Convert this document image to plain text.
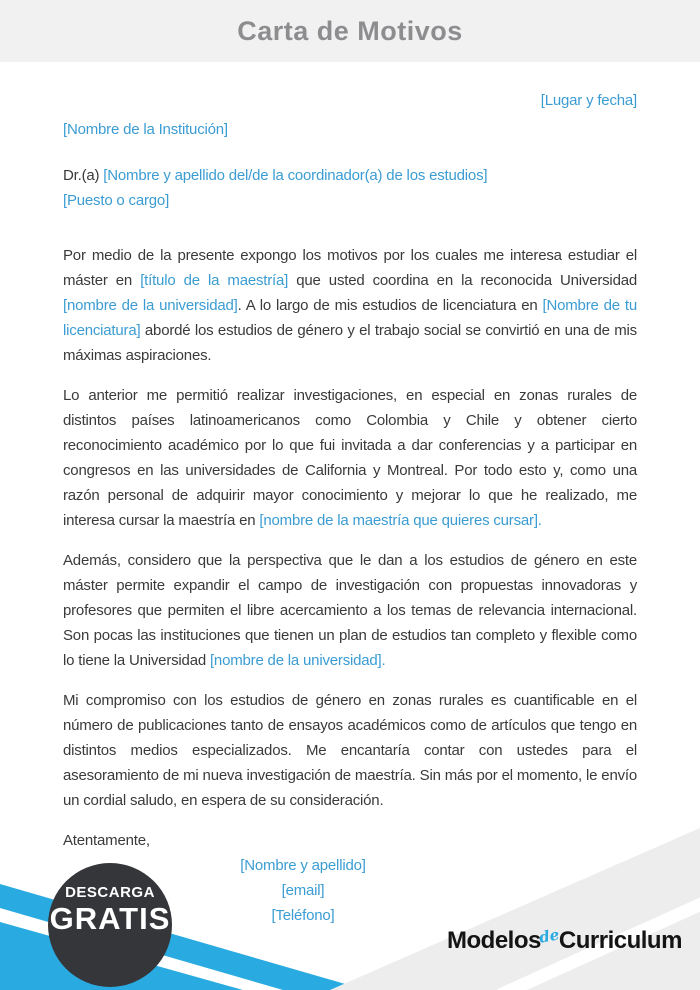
Carta de Motivos
[Lugar y fecha]
[Nombre de la Institución]
Dr.(a) [Nombre y apellido del/de la coordinador(a) de los estudios]
[Puesto o cargo]

Por medio de la presente expongo los motivos por los cuales me interesa estudiar el máster en [título de la maestría] que usted coordina en la reconocida Universidad [nombre de la universidad]. A lo largo de mis estudios de licenciatura en [Nombre de tu licenciatura] abordé los estudios de género y el trabajo social se convirtió en una de mis máximas aspiraciones.

Lo anterior me permitió realizar investigaciones, en especial en zonas rurales de distintos países latinoamericanos como Colombia y Chile y obtener cierto reconocimiento académico por lo que fui invitada a dar conferencias y a participar en congresos en las universidades de California y Montreal. Por todo esto y, como una razón personal de adquirir mayor conocimiento y mejorar lo que he realizado, me interesa cursar la maestría en [nombre de la maestría que quieres cursar].

Además, considero que la perspectiva que le dan a los estudios de género en este máster permite expandir el campo de investigación con propuestas innovadoras y profesores que permiten el libre acercamiento a los temas de relevancia internacional. Son pocas las instituciones que tienen un plan de estudios tan completo y flexible como lo tiene la Universidad [nombre de la universidad].

Mi compromiso con los estudios de género en zonas rurales es cuantificable en el número de publicaciones tanto de ensayos académicos como de artículos que tengo en distintos medios especializados. Me encantaría contar con ustedes para el asesoramiento de mi nueva investigación de maestría. Sin más por el momento, le envío un cordial saludo, en espera de su consideración.

Atentamente,
[Nombre y apellido]
[email]
[Teléfono]
DESCARGA
GRATIS
Modelos
de
Curriculum
